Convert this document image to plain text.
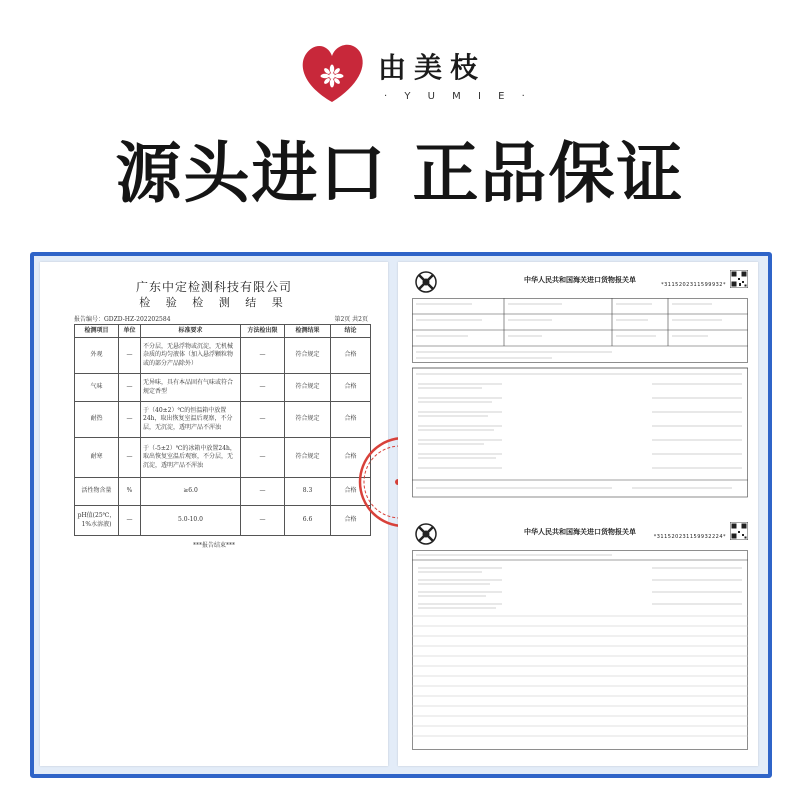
由美枝
· Y U M I E ·
源头进口 正品保证
广东中定检测科技有限公司
检 验 检 测 结 果
报告编号：GDZD-HZ-202202584	第2页 共2页
检测项目	单位	标准要求	方法检出限	检测结果	结论
外观	—	不分层，无悬浮物或沉淀，无机械杂质的均匀液体（加入悬浮颗粒物或的部分产品除外）	—	符合规定	合格
气味	—	无异味，具有本品固有气味或符合规定香型	—	符合规定	合格
耐热	—	于（40±2）℃的恒温箱中放置24h，取出恢复室温后观察，不分层，无沉淀，透明产品不浑浊	—	符合规定	合格
耐寒	—	于（-5±2）℃的冰箱中放置24h，取出恢复室温后观察，不分层，无沉淀，透明产品不浑浊	—	符合规定	合格
活性物含量	%	≥6.0	—	8.3	合格
pH值(25℃，1%水溶液)	—	5.0-10.0	—	6.6	合格
***报告结束***
中华人民共和国海关进口货物报关单
*3115202311599932*
中华人民共和国海关进口货物报关单
*311520231159932224*
